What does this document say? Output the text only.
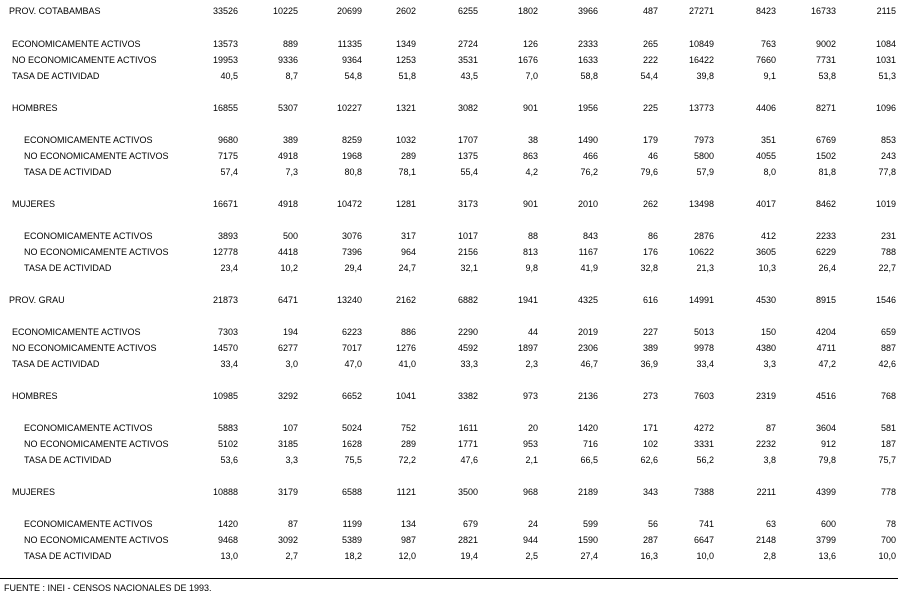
PROV. COTABAMBAS	33526	10225	20699	2602	6255	1802	3966	487	27271	8423	16733	2115
ECONOMICAMENTE ACTIVOS	13573	889	11335	1349	2724	126	2333	265	10849	763	9002	1084
NO ECONOMICAMENTE ACTIVOS	19953	9336	9364	1253	3531	1676	1633	222	16422	7660	7731	1031
TASA DE ACTIVIDAD	40,5	8,7	54,8	51,8	43,5	7,0	58,8	54,4	39,8	9,1	53,8	51,3
HOMBRES	16855	5307	10227	1321	3082	901	1956	225	13773	4406	8271	1096
ECONOMICAMENTE ACTIVOS	9680	389	8259	1032	1707	38	1490	179	7973	351	6769	853
NO ECONOMICAMENTE ACTIVOS	7175	4918	1968	289	1375	863	466	46	5800	4055	1502	243
TASA DE ACTIVIDAD	57,4	7,3	80,8	78,1	55,4	4,2	76,2	79,6	57,9	8,0	81,8	77,8
MUJERES	16671	4918	10472	1281	3173	901	2010	262	13498	4017	8462	1019
ECONOMICAMENTE ACTIVOS	3893	500	3076	317	1017	88	843	86	2876	412	2233	231
NO ECONOMICAMENTE ACTIVOS	12778	4418	7396	964	2156	813	1167	176	10622	3605	6229	788
TASA DE ACTIVIDAD	23,4	10,2	29,4	24,7	32,1	9,8	41,9	32,8	21,3	10,3	26,4	22,7
PROV. GRAU	21873	6471	13240	2162	6882	1941	4325	616	14991	4530	8915	1546
ECONOMICAMENTE ACTIVOS	7303	194	6223	886	2290	44	2019	227	5013	150	4204	659
NO ECONOMICAMENTE ACTIVOS	14570	6277	7017	1276	4592	1897	2306	389	9978	4380	4711	887
TASA DE ACTIVIDAD	33,4	3,0	47,0	41,0	33,3	2,3	46,7	36,9	33,4	3,3	47,2	42,6
HOMBRES	10985	3292	6652	1041	3382	973	2136	273	7603	2319	4516	768
ECONOMICAMENTE ACTIVOS	5883	107	5024	752	1611	20	1420	171	4272	87	3604	581
NO ECONOMICAMENTE ACTIVOS	5102	3185	1628	289	1771	953	716	102	3331	2232	912	187
TASA DE ACTIVIDAD	53,6	3,3	75,5	72,2	47,6	2,1	66,5	62,6	56,2	3,8	79,8	75,7
MUJERES	10888	3179	6588	1121	3500	968	2189	343	7388	2211	4399	778
ECONOMICAMENTE ACTIVOS	1420	87	1199	134	679	24	599	56	741	63	600	78
NO ECONOMICAMENTE ACTIVOS	9468	3092	5389	987	2821	944	1590	287	6647	2148	3799	700
TASA DE ACTIVIDAD	13,0	2,7	18,2	12,0	19,4	2,5	27,4	16,3	10,0	2,8	13,6	10,0
FUENTE : INEI - CENSOS NACIONALES DE 1993.
